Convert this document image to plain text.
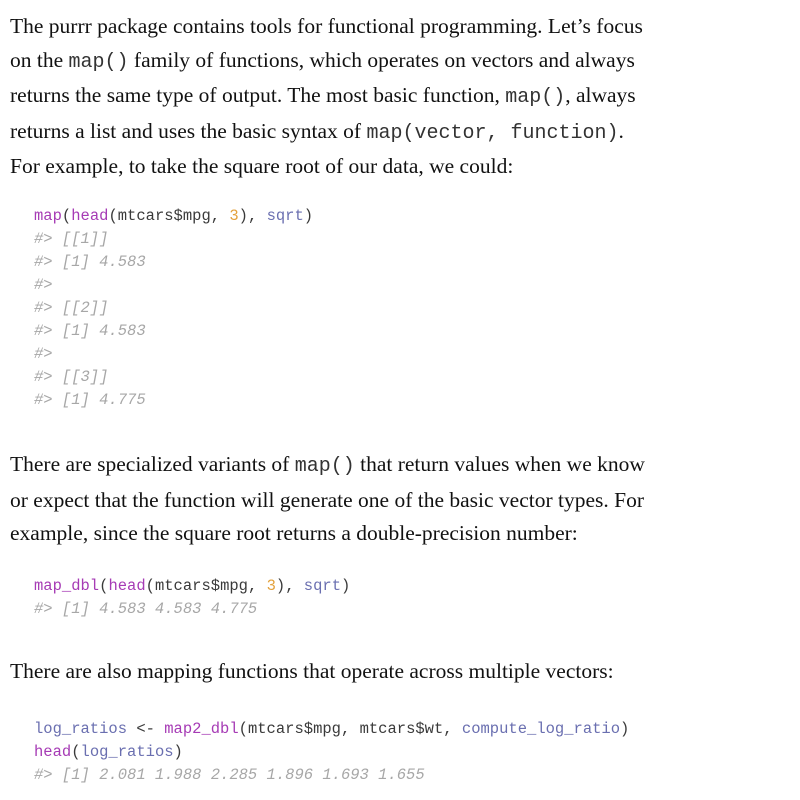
The purrr package contains tools for functional programming. Let’s focus
on the map() family of functions, which operates on vectors and always
returns the same type of output. The most basic function, map(), always
returns a list and uses the basic syntax of map(vector, function).
For example, to take the square root of our data, we could:
map(head(mtcars$mpg, 3), sqrt)
#> [[1]]
#> [1] 4.583
#>
#> [[2]]
#> [1] 4.583
#>
#> [[3]]
#> [1] 4.775
There are specialized variants of map() that return values when we know
or expect that the function will generate one of the basic vector types. For
example, since the square root returns a double-precision number:
map_dbl(head(mtcars$mpg, 3), sqrt)
#> [1] 4.583 4.583 4.775
There are also mapping functions that operate across multiple vectors:
log_ratios <- map2_dbl(mtcars$mpg, mtcars$wt, compute_log_ratio)
head(log_ratios)
#> [1] 2.081 1.988 2.285 1.896 1.693 1.655
